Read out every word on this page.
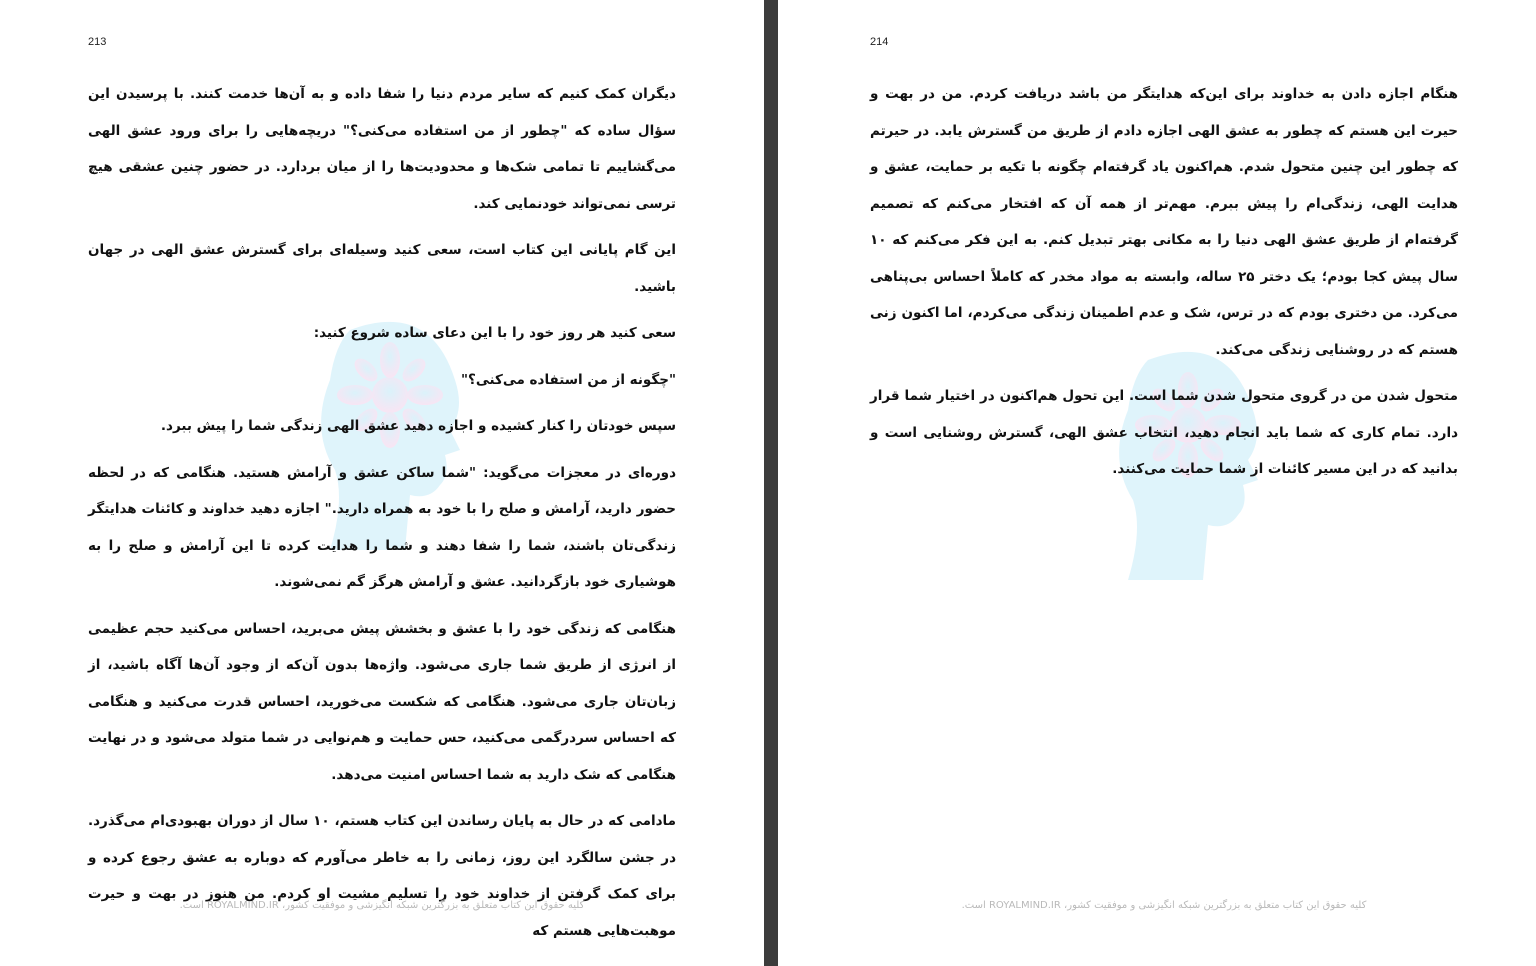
213

دیگران کمک کنیم که سایر مردم دنیا را شفا داده و به آن‌ها خدمت کنند. با پرسیدن این سؤال ساده که "چطور از من استفاده می‌کنی؟" دریچه‌هایی را برای ورود عشق الهی می‌گشاییم تا تمامی شک‌ها و محدودیت‌ها را از میان بردارد. در حضور چنین عشقی هیچ ترسی نمی‌تواند خودنمایی کند.

این گام پایانی این کتاب است، سعی کنید وسیله‌ای برای گسترش عشق الهی در جهان باشید.

سعی کنید هر روز خود را با این دعای ساده شروع کنید:

"چگونه از من استفاده می‌کنی؟"

سپس خودتان را کنار کشیده و اجازه دهید عشق الهی زندگی شما را پیش ببرد.

دوره‌ای در معجزات می‌گوید: "شما ساکن عشق و آرامش هستید. هنگامی که در لحظه حضور دارید، آرامش و صلح را با خود به همراه دارید." اجازه دهید خداوند و کائنات هدایتگر زندگی‌تان باشند، شما را شفا دهند و شما را هدایت کرده تا این آرامش و صلح را به هوشیاری خود بازگردانید. عشق و آرامش هرگز گم نمی‌شوند.

هنگامی که زندگی خود را با عشق و بخشش پیش می‌برید، احساس می‌کنید حجم عظیمی از انرژی از طریق شما جاری می‌شود. واژه‌ها بدون آن‌که از وجود آن‌ها آگاه باشید، از زبان‌تان جاری می‌شود. هنگامی که شکست می‌خورید، احساس قدرت می‌کنید و هنگامی که احساس سردرگمی می‌کنید، حس حمایت و هم‌نوایی در شما متولد می‌شود و در نهایت هنگامی که شک دارید به شما احساس امنیت می‌دهد.

مادامی که در حال به پایان رساندن این کتاب هستم، ۱۰ سال از دوران بهبودی‌ام می‌گذرد. در جشن سالگرد این روز، زمانی را به خاطر می‌آورم که دوباره به عشق رجوع کرده و برای کمک گرفتن از خداوند خود را تسلیم مشیت او کردم. من هنوز در بهت و حیرت موهبت‌هایی هستم که

کلیه حقوق این کتاب متعلق به بزرگترین شبکه انگیزشی و موفقیت کشور، ROYALMIND.IR است.
214

هنگام اجازه دادن به خداوند برای این‌که هدایتگر من باشد دریافت کردم. من در بهت و حیرت این هستم که چطور به عشق الهی اجازه دادم از طریق من گسترش یابد. در حیرتم که چطور این چنین متحول شدم. هم‌اکنون یاد گرفته‌ام چگونه با تکیه بر حمایت، عشق و هدایت الهی، زندگی‌ام را پیش ببرم. مهم‌تر از همه آن که افتخار می‌کنم که تصمیم گرفته‌ام از طریق عشق الهی دنیا را به مکانی بهتر تبدیل کنم. به این فکر می‌کنم که ۱۰ سال پیش کجا بودم؛ یک دختر ۲۵ ساله، وابسته به مواد مخدر که کاملاً احساس بی‌پناهی می‌کرد. من دختری بودم که در ترس، شک و عدم اطمینان زندگی می‌کردم، اما اکنون زنی هستم که در روشنایی زندگی می‌کند.

متحول شدن من در گروی متحول شدن شما است. این تحول هم‌اکنون در اختیار شما قرار دارد. تمام کاری که شما باید انجام دهید، انتخاب عشق الهی، گسترش روشنایی است و بدانید که در این مسیر کائنات از شما حمایت می‌کنند.

کلیه حقوق این کتاب متعلق به بزرگترین شبکه انگیزشی و موفقیت کشور، ROYALMIND.IR است.
